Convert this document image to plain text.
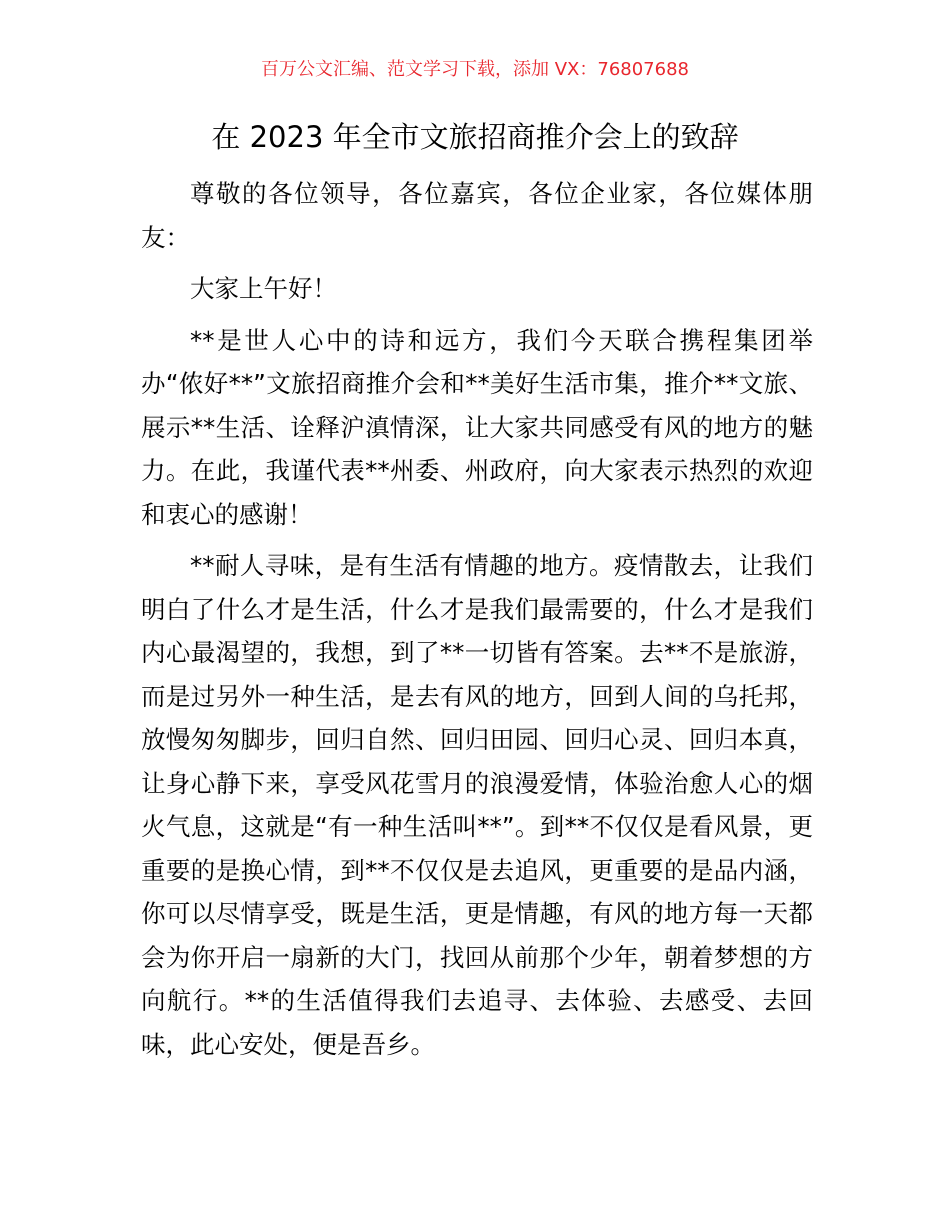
百万公文汇编、范文学习下载，添加 VX：76807688
在 2023 年全市文旅招商推介会上的致辞

尊敬的各位领导，各位嘉宾，各位企业家，各位媒体朋友：

大家上午好！

**是世人心中的诗和远方，我们今天联合携程集团举办“侬好**”文旅招商推介会和**美好生活市集，推介**文旅、展示**生活、诠释沪滇情深，让大家共同感受有风的地方的魅力。在此，我谨代表**州委、州政府，向大家表示热烈的欢迎和衷心的感谢！

**耐人寻味，是有生活有情趣的地方。疫情散去，让我们明白了什么才是生活，什么才是我们最需要的，什么才是我们内心最渴望的，我想，到了**一切皆有答案。去**不是旅游，而是过另外一种生活，是去有风的地方，回到人间的乌托邦，放慢匆匆脚步，回归自然、回归田园、回归心灵、回归本真，让身心静下来，享受风花雪月的浪漫爱情，体验治愈人心的烟火气息，这就是“有一种生活叫**”。到**不仅仅是看风景，更重要的是换心情，到**不仅仅是去追风，更重要的是品内涵，你可以尽情享受，既是生活，更是情趣，有风的地方每一天都会为你开启一扇新的大门，找回从前那个少年，朝着梦想的方向航行。**的生活值得我们去追寻、去体验、去感受、去回味，此心安处，便是吾乡。
